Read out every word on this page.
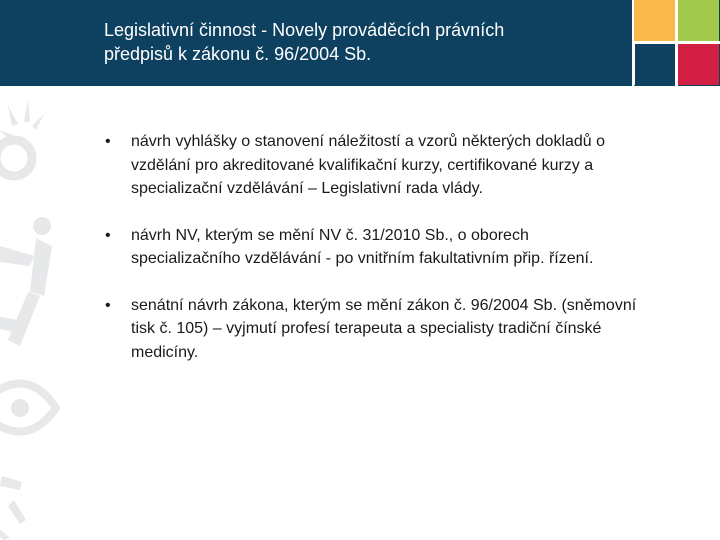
Legislativní činnost - Novely prováděcích právních
předpisů k zákonu č. 96/2004 Sb.
• návrh vyhlášky o stanovení náležitostí a vzorů některých dokladů o vzdělání pro akreditované kvalifikační kurzy, certifikované kurzy a specializační vzdělávání – Legislativní rada vlády.
• návrh NV, kterým se mění NV č. 31/2010 Sb., o oborech specializačního vzdělávání - po vnitřním fakultativním přip. řízení.
• senátní návrh zákona, kterým se mění zákon č. 96/2004 Sb. (sněmovní tisk č. 105) – vyjmutí profesí terapeuta a specialisty tradiční čínské medicíny.
